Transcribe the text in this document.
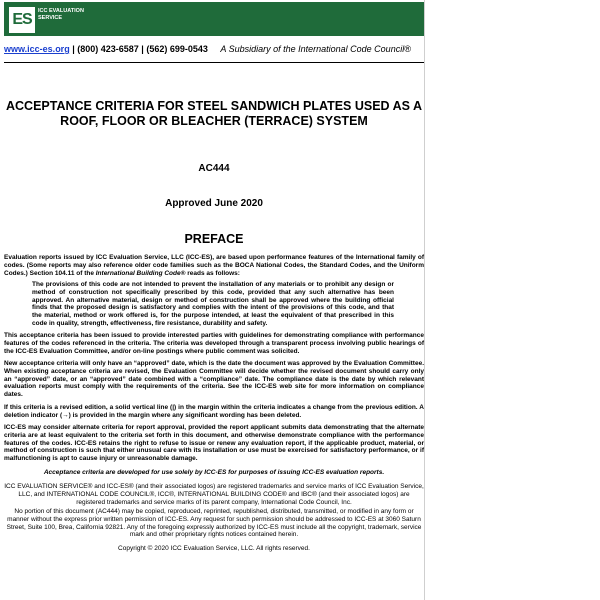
ES ICC EVALUATION SERVICE
www.icc-es.org | (800) 423-6587 | (562) 699-0543 A Subsidiary of the International Code Council®
ACCEPTANCE CRITERIA FOR STEEL SANDWICH PLATES USED AS A ROOF, FLOOR OR BLEACHER (TERRACE) SYSTEM
AC444
Approved June 2020
PREFACE
Evaluation reports issued by ICC Evaluation Service, LLC (ICC-ES), are based upon performance features of the International family of codes. (Some reports may also reference older code families such as the BOCA National Codes, the Standard Codes, and the Uniform Codes.) Section 104.11 of the International Building Code® reads as follows:
The provisions of this code are not intended to prevent the installation of any materials or to prohibit any design or method of construction not specifically prescribed by this code, provided that any such alternative has been approved. An alternative material, design or method of construction shall be approved where the building official finds that the proposed design is satisfactory and complies with the intent of the provisions of this code, and that the material, method or work offered is, for the purpose intended, at least the equivalent of that prescribed in this code in quality, strength, effectiveness, fire resistance, durability and safety.
This acceptance criteria has been issued to provide interested parties with guidelines for demonstrating compliance with performance features of the codes referenced in the criteria. The criteria was developed through a transparent process involving public hearings of the ICC-ES Evaluation Committee, and/or on-line postings where public comment was solicited.
New acceptance criteria will only have an “approved” date, which is the date the document was approved by the Evaluation Committee. When existing acceptance criteria are revised, the Evaluation Committee will decide whether the revised document should carry only an “approved” date, or an “approved” date combined with a “compliance” date. The compliance date is the date by which relevant evaluation reports must comply with the requirements of the criteria. See the ICC-ES web site for more information on compliance dates.
If this criteria is a revised edition, a solid vertical line (|) in the margin within the criteria indicates a change from the previous edition. A deletion indicator (→) is provided in the margin where any significant wording has been deleted.
ICC-ES may consider alternate criteria for report approval, provided the report applicant submits data demonstrating that the alternate criteria are at least equivalent to the criteria set forth in this document, and otherwise demonstrate compliance with the performance features of the codes. ICC-ES retains the right to refuse to issue or renew any evaluation report, if the applicable product, material, or method of construction is such that either unusual care with its installation or use must be exercised for satisfactory performance, or if malfunctioning is apt to cause injury or unreasonable damage.
Acceptance criteria are developed for use solely by ICC-ES for purposes of issuing ICC-ES evaluation reports.
ICC EVALUATION SERVICE® and ICC-ES® (and their associated logos) are registered trademarks and service marks of ICC Evaluation Service, LLC, and INTERNATIONAL CODE COUNCIL®, ICC®, INTERNATIONAL BUILDING CODE® and IBC® (and their associated logos) are registered trademarks and service marks of its parent company, International Code Council, Inc.
No portion of this document (AC444) may be copied, reproduced, reprinted, republished, distributed, transmitted, or modified in any form or manner without the express prior written permission of ICC-ES. Any request for such permission should be addressed to ICC-ES at 3060 Saturn Street, Suite 100, Brea, California 92821. Any of the foregoing expressly authorized by ICC-ES must include all the copyright, trademark, service mark and other proprietary rights notices contained herein.
Copyright © 2020 ICC Evaluation Service, LLC. All rights reserved.
